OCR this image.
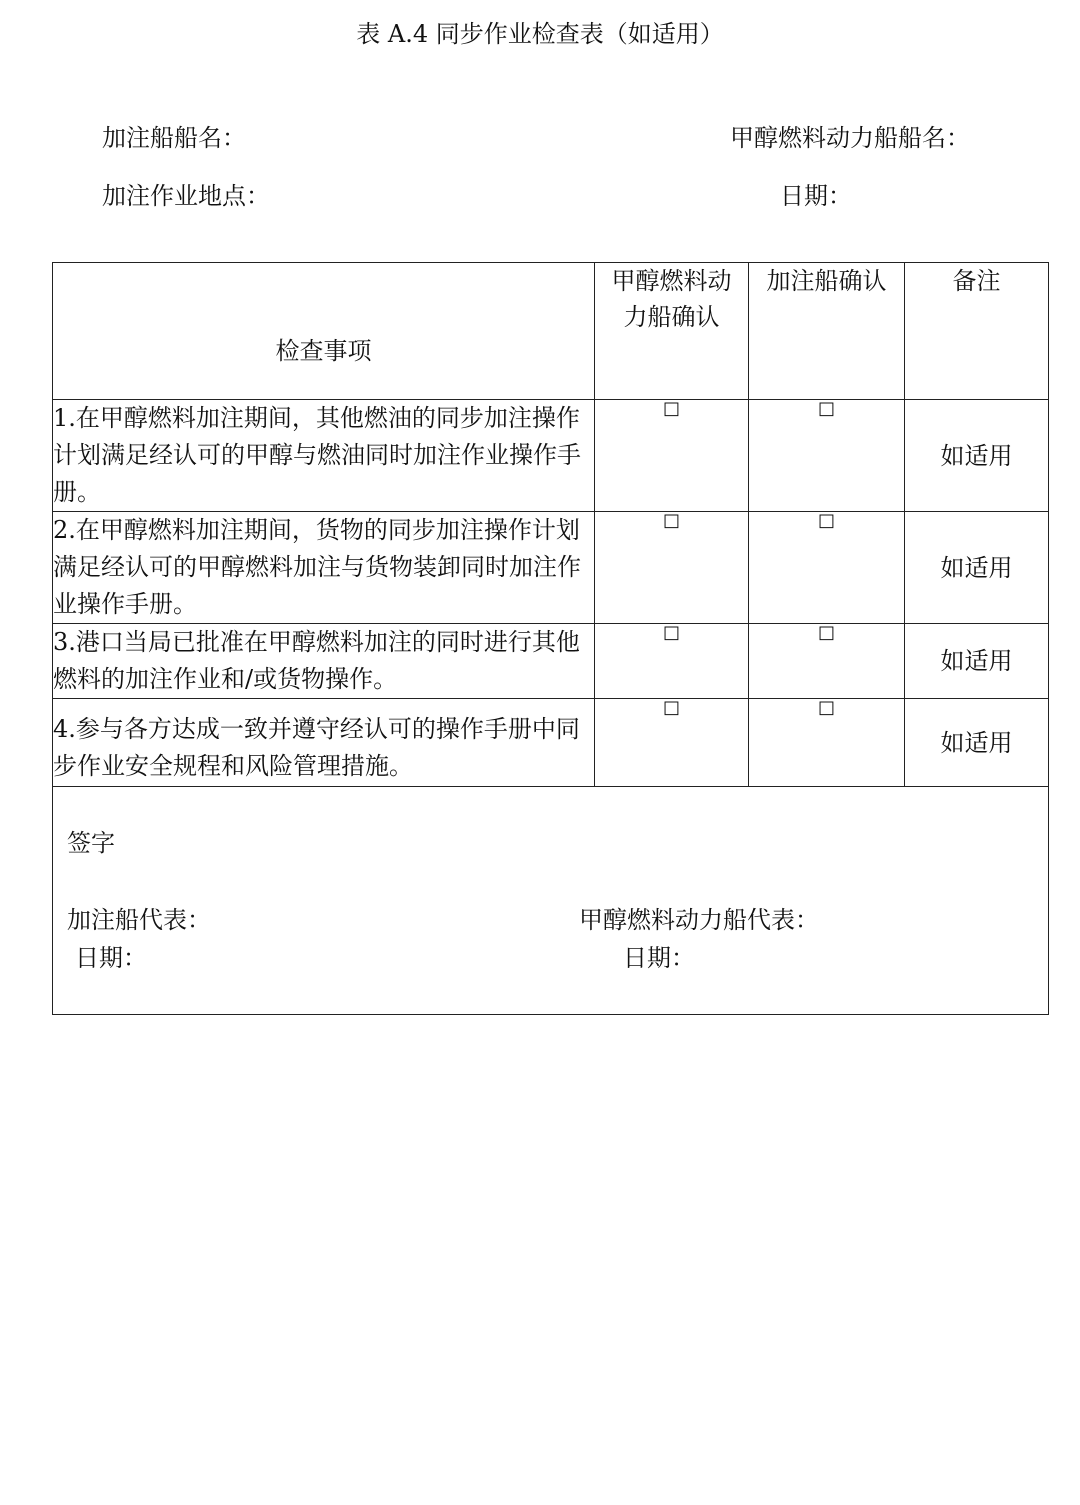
表 A.4 同步作业检查表（如适用）
加注船船名：	甲醇燃料动力船船名：
加注作业地点：	日期：
检查事项	甲醇燃料动力船确认	加注船确认	备注
1.在甲醇燃料加注期间，其他燃油的同步加注操作计划满足经认可的甲醇与燃油同时加注作业操作手册。	□	□	如适用
2.在甲醇燃料加注期间，货物的同步加注操作计划满足经认可的甲醇燃料加注与货物装卸同时加注作业操作手册。	□	□	如适用
3.港口当局已批准在甲醇燃料加注的同时进行其他燃料的加注作业和/或货物操作。	□	□	如适用
4.参与各方达成一致并遵守经认可的操作手册中同步作业安全规程和风险管理措施。	□	□	如适用

签字
加注船代表：
日期：
甲醇燃料动力船代表：
日期：			
